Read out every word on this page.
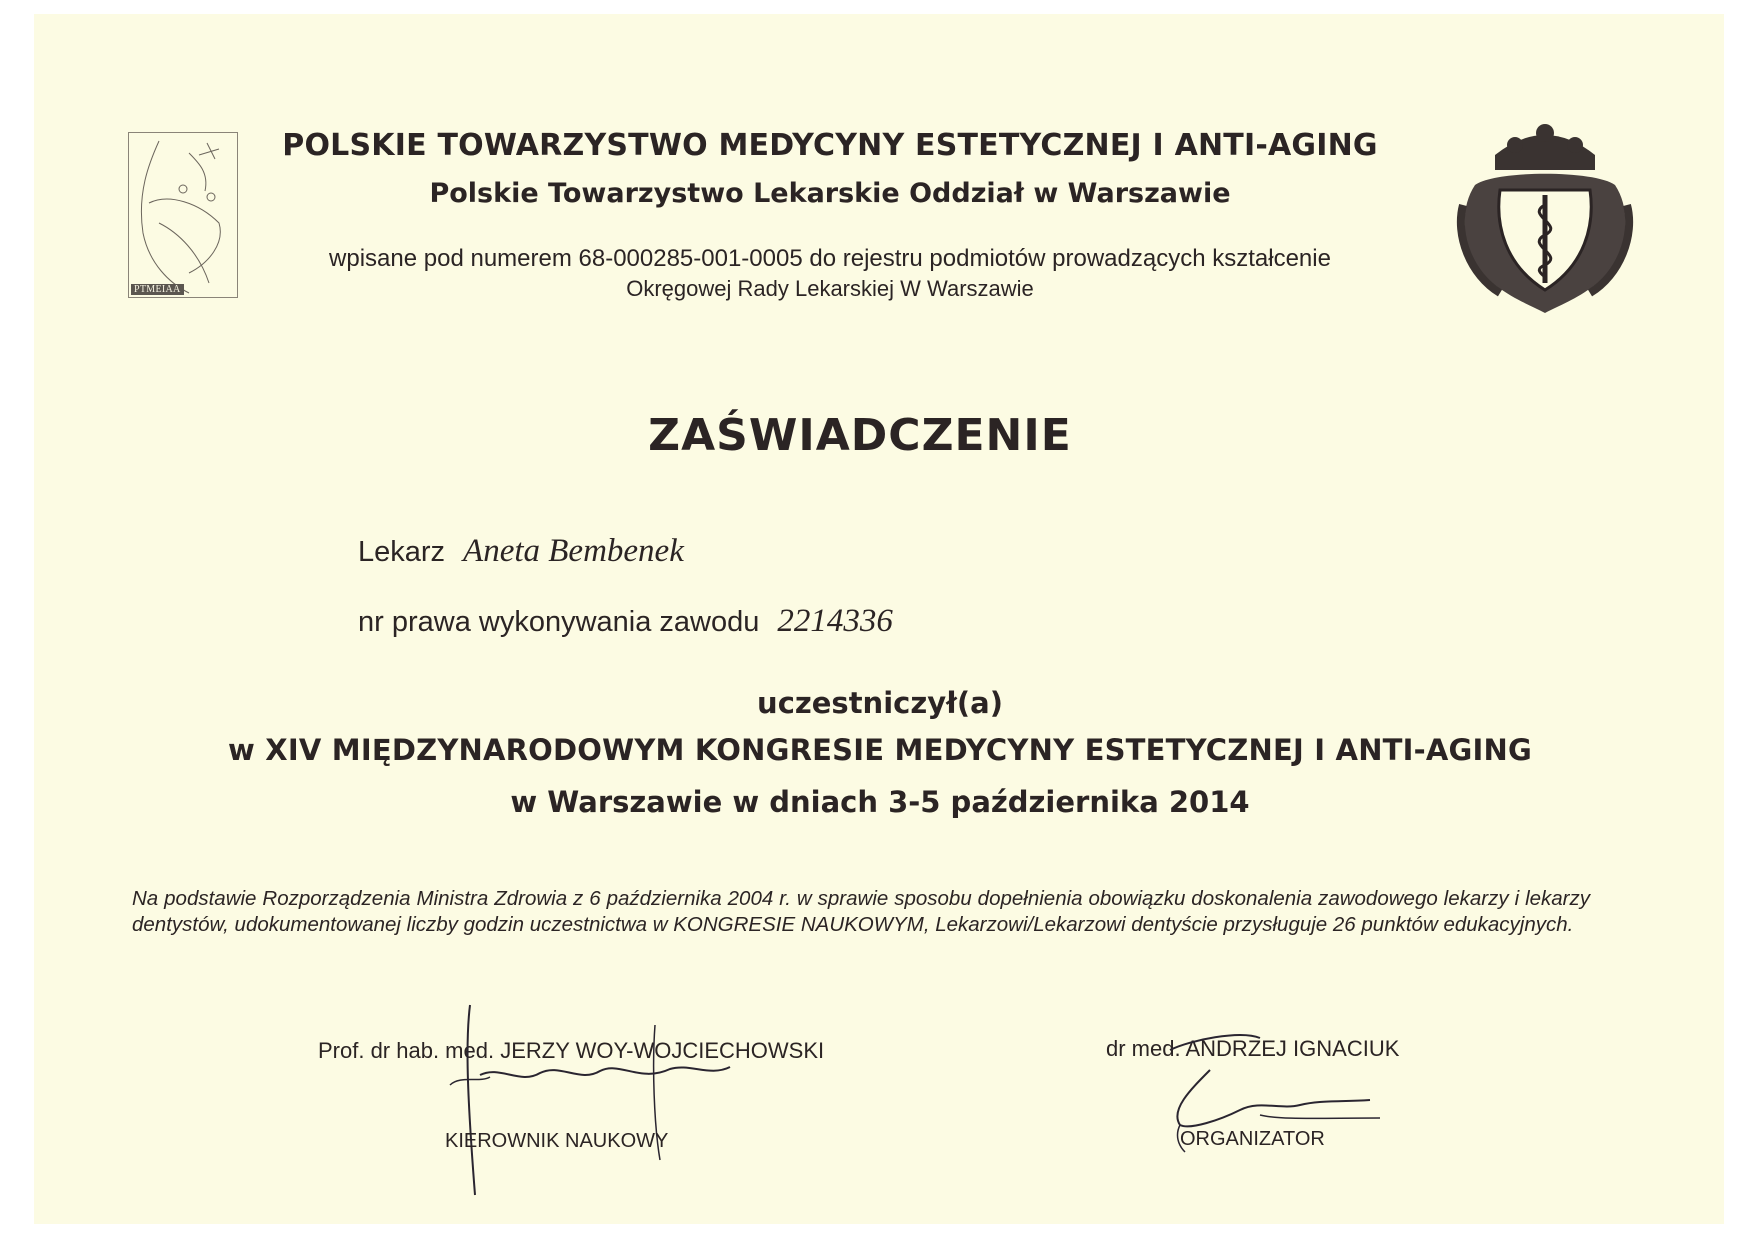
PTMEIAA
POLSKIE TOWARZYSTWO MEDYCYNY ESTETYCZNEJ I ANTI-AGING
Polskie Towarzystwo Lekarskie Oddział w Warszawie
wpisane pod numerem 68-000285-001-0005 do rejestru podmiotów prowadzących kształcenie
Okręgowej Rady Lekarskiej W Warszawie
ZAŚWIADCZENIE
Lekarz Aneta Bembenek
nr prawa wykonywania zawodu 2214336
uczestniczył(a)
w XIV MIĘDZYNARODOWYM KONGRESIE MEDYCYNY ESTETYCZNEJ I ANTI-AGING
w Warszawie w dniach 3-5 października 2014
Na podstawie Rozporządzenia Ministra Zdrowia z 6 października 2004 r. w sprawie sposobu dopełnienia obowiązku doskonalenia zawodowego lekarzy i lekarzy dentystów, udokumentowanej liczby godzin uczestnictwa w KONGRESIE NAUKOWYM, Lekarzowi/Lekarzowi dentyście przysługuje 26 punktów edukacyjnych.
Prof. dr hab. med. JERZY WOY-WOJCIECHOWSKI
KIEROWNIK NAUKOWY
dr med. ANDRZEJ IGNACIUK
ORGANIZATOR
